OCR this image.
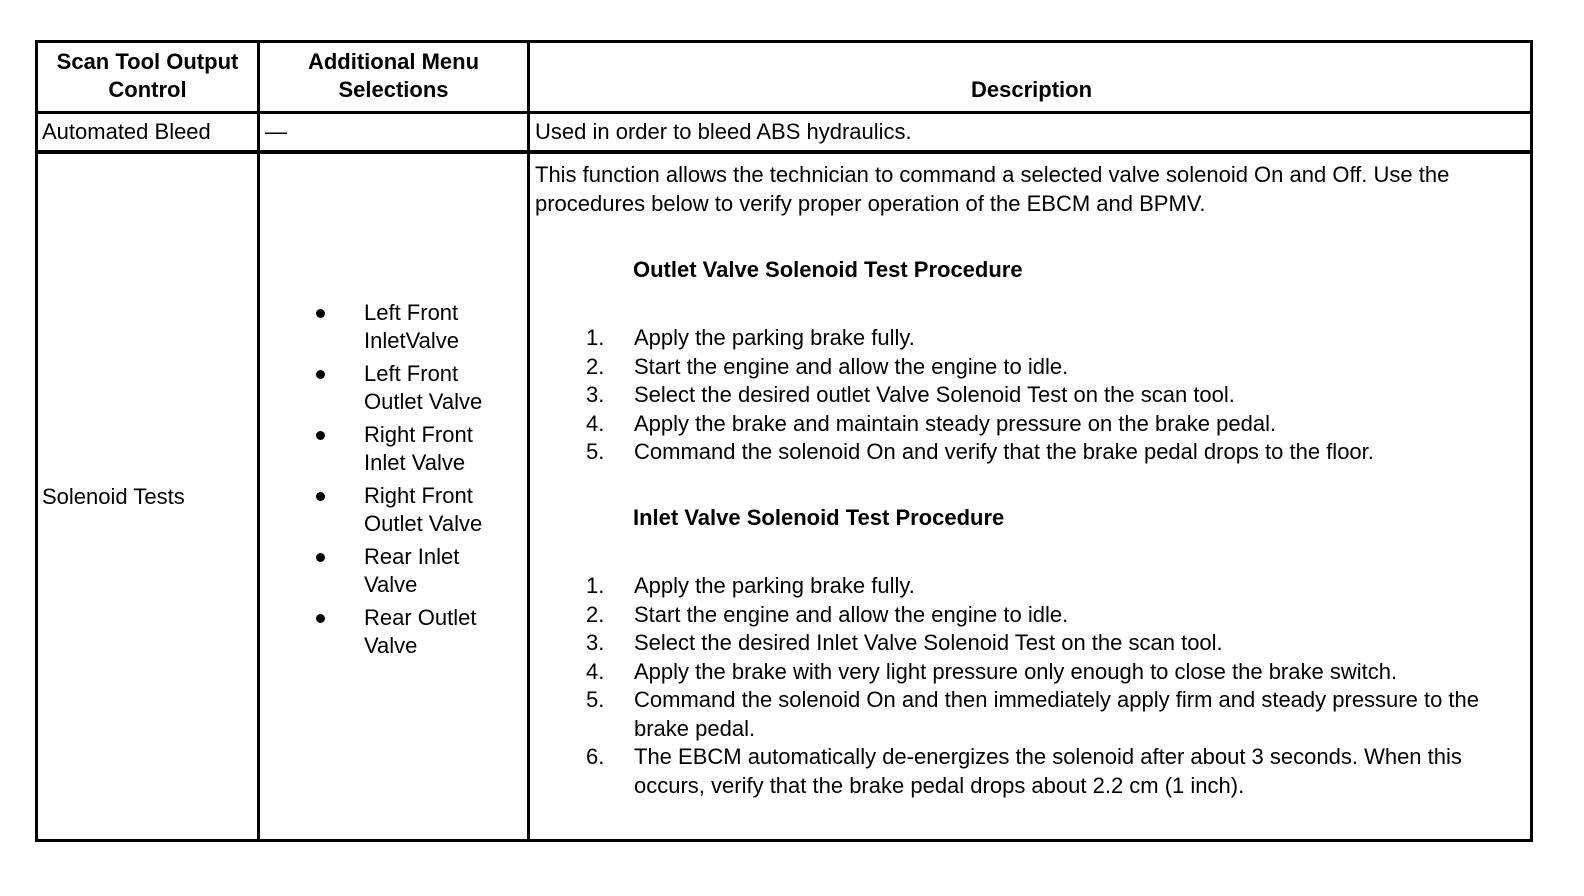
Scan Tool Output Control
Additional Menu Selections	Description
Automated Bleed —	Used in order to bleed ABS hydraulics.
Solenoid Tests
Left Front InletValve
Left Front Outlet Valve
Right Front Inlet Valve
Right Front Outlet Valve
Rear Inlet Valve
Rear Outlet Valve
This function allows the technician to command a selected valve solenoid On and Off. Use the procedures below to verify proper operation of the EBCM and BPMV.
Outlet Valve Solenoid Test Procedure
1. Apply the parking brake fully.
2. Start the engine and allow the engine to idle.
3. Select the desired outlet Valve Solenoid Test on the scan tool.
4. Apply the brake and maintain steady pressure on the brake pedal.
5. Command the solenoid On and verify that the brake pedal drops to the floor.
Inlet Valve Solenoid Test Procedure
1. Apply the parking brake fully.
2. Start the engine and allow the engine to idle.
3. Select the desired Inlet Valve Solenoid Test on the scan tool.
4. Apply the brake with very light pressure only enough to close the brake switch.
5. Command the solenoid On and then immediately apply firm and steady pressure to the brake pedal.
6. The EBCM automatically de-energizes the solenoid after about 3 seconds. When this occurs, verify that the brake pedal drops about 2.2 cm (1 inch).
